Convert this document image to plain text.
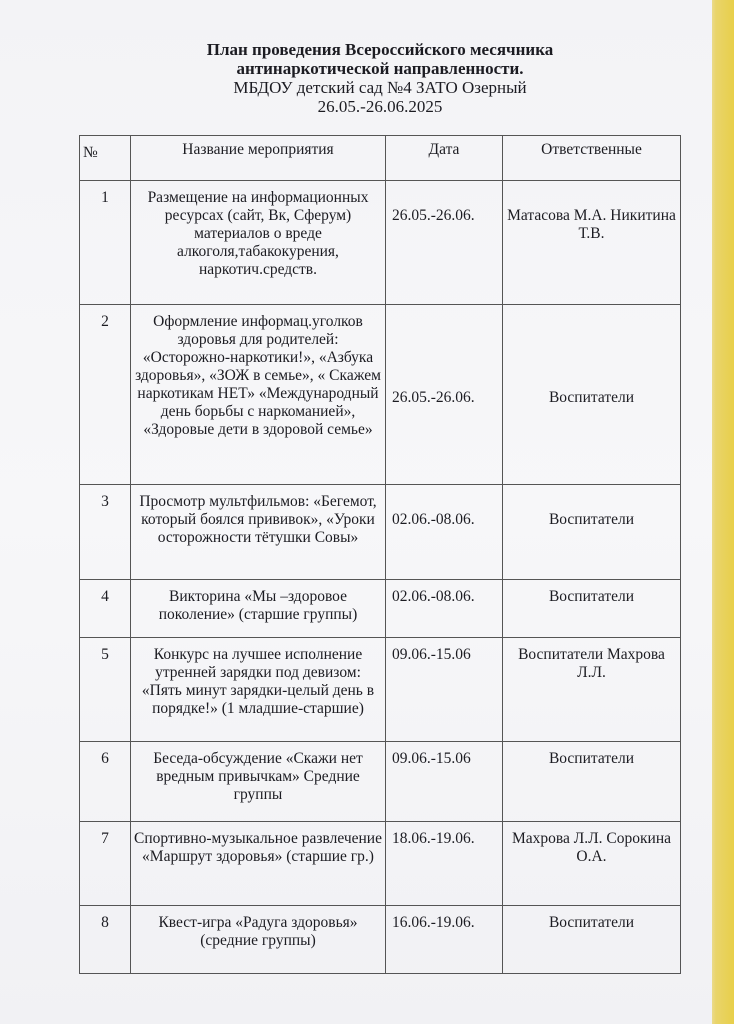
План проведения Всероссийского месячника
антинаркотической направленности.
МБДОУ детский сад №4 ЗАТО Озерный
26.05.-26.06.2025
№	Название мероприятия	Дата	Ответственные
1	Размещение на информационных ресурсах (сайт, Вк, Сферум) материалов о вреде алкоголя,табакокурения, наркотич.средств.	26.05.-26.06.	Матасова М.А. Никитина Т.В.
2	Оформление информац.уголков здоровья для родителей: «Осторожно-наркотики!», «Азбука здоровья», «ЗОЖ в семье», « Скажем наркотикам НЕТ» «Международный день борьбы с наркоманией», «Здоровые дети в здоровой семье»	26.05.-26.06.	Воспитатели
3	Просмотр мультфильмов: «Бегемот, который боялся прививок», «Уроки осторожности тётушки Совы»	02.06.-08.06.	Воспитатели
4	Викторина «Мы –здоровое поколение» (старшие группы)	02.06.-08.06.	Воспитатели
5	Конкурс на лучшее исполнение утренней зарядки под девизом: «Пять минут зарядки-целый день в порядке!» (1 младшие-старшие)	09.06.-15.06	Воспитатели Махрова Л.Л.
6	Беседа-обсуждение «Скажи нет вредным привычкам» Средние группы	09.06.-15.06	Воспитатели
7	Спортивно-музыкальное развлечение «Маршрут здоровья» (старшие гр.)	18.06.-19.06.	Махрова Л.Л. Сорокина О.А.
8	Квест-игра «Радуга здоровья» (средние группы)	16.06.-19.06.	Воспитатели
